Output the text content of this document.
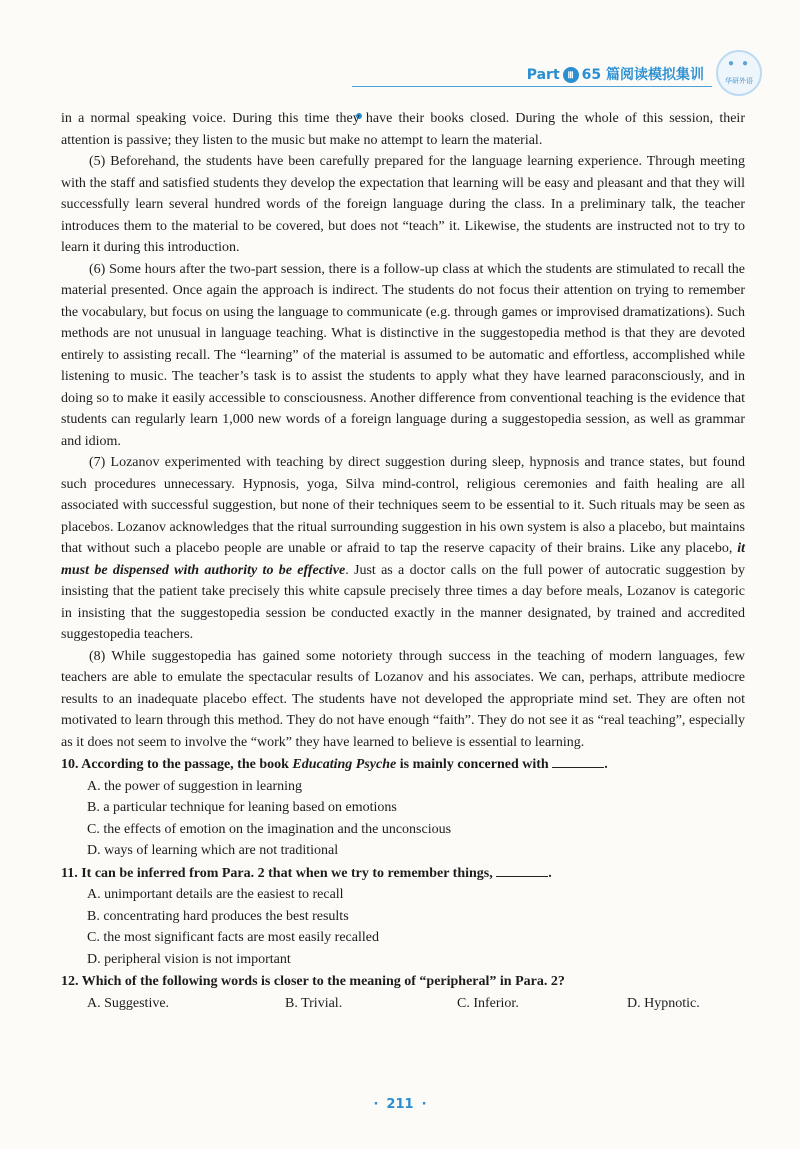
Part Ⅲ 65 篇阅读模拟集训
●●
华研外语

in a normal speaking voice. During this time they have their books closed. During the whole of this session, their attention is passive; they listen to the music but make no attempt to learn the material.

(5) Beforehand, the students have been carefully prepared for the language learning experience. Through meeting with the staff and satisfied students they develop the expectation that learning will be easy and pleasant and that they will successfully learn several hundred words of the foreign language during the class. In a preliminary talk, the teacher introduces them to the material to be covered, but does not “teach” it. Likewise, the students are instructed not to try to learn it during this introduction.

(6) Some hours after the two-part session, there is a follow-up class at which the students are stimulated to recall the material presented. Once again the approach is indirect. The students do not focus their attention on trying to remember the vocabulary, but focus on using the language to communicate (e.g. through games or improvised dramatizations). Such methods are not unusual in language teaching. What is distinctive in the suggestopedia method is that they are devoted entirely to assisting recall. The “learning” of the material is assumed to be automatic and effortless, accomplished while listening to music. The teacher’s task is to assist the students to apply what they have learned paraconsciously, and in doing so to make it easily accessible to consciousness. Another difference from conventional teaching is the evidence that students can regularly learn 1,000 new words of a foreign language during a suggestopedia session, as well as grammar and idiom.

(7) Lozanov experimented with teaching by direct suggestion during sleep, hypnosis and trance states, but found such procedures unnecessary. Hypnosis, yoga, Silva mind-control, religious ceremonies and faith healing are all associated with successful suggestion, but none of their techniques seem to be essential to it. Such rituals may be seen as placebos. Lozanov acknowledges that the ritual surrounding suggestion in his own system is also a placebo, but maintains that without such a placebo people are unable or afraid to tap the reserve capacity of their brains. Like any placebo, it must be dispensed with authority to be effective. Just as a doctor calls on the full power of autocratic suggestion by insisting that the patient take precisely this white capsule precisely three times a day before meals, Lozanov is categoric in insisting that the suggestopedia session be conducted exactly in the manner designated, by trained and accredited suggestopedia teachers.

(8) While suggestopedia has gained some notoriety through success in the teaching of modern languages, few teachers are able to emulate the spectacular results of Lozanov and his associates. We can, perhaps, attribute mediocre results to an inadequate placebo effect. The students have not developed the appropriate mind set. They are often not motivated to learn through this method. They do not have enough “faith”. They do not see it as “real teaching”, especially as it does not seem to involve the “work” they have learned to believe is essential to learning.

10. According to the passage, the book Educating Psyche is mainly concerned with	.
A. the power of suggestion in learning
B. a particular technique for leaning based on emotions
C. the effects of emotion on the imagination and the unconscious
D. ways of learning which are not traditional
11. It can be inferred from Para. 2 that when we try to remember things,	.
A. unimportant details are the easiest to recall
B. concentrating hard produces the best results
C. the most significant facts are most easily recalled
D. peripheral vision is not important
12. Which of the following words is closer to the meaning of “peripheral” in Para. 2?
A. Suggestive.	B. Trivial.	C. Inferior.	D. Hypnotic.
· 211 ·
